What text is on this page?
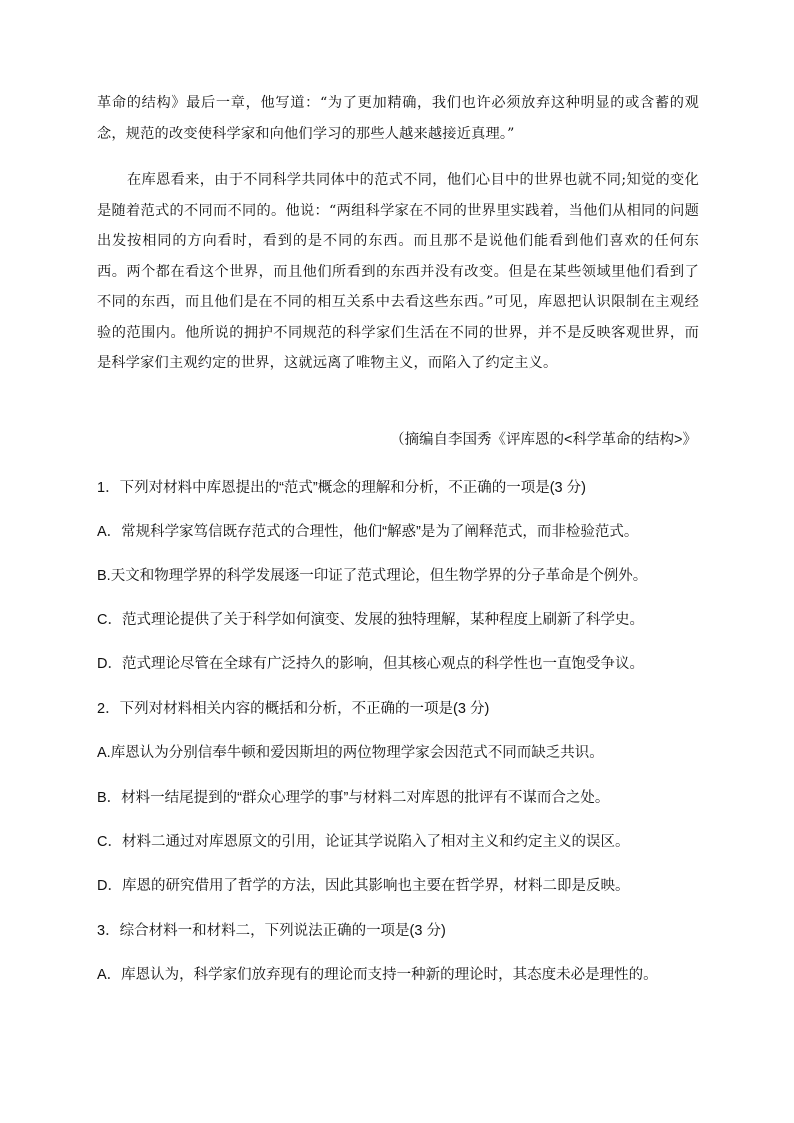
革命的结构》最后一章，他写道：“为了更加精确，我们也许必须放弃这种明显的或含蓄的观念，规范的改变使科学家和向他们学习的那些人越来越接近真理。”

在库恩看来，由于不同科学共同体中的范式不同，他们心目中的世界也就不同;知觉的变化是随着范式的不同而不同的。他说：“两组科学家在不同的世界里实践着，当他们从相同的问题出发按相同的方向看时，看到的是不同的东西。而且那不是说他们能看到他们喜欢的任何东西。两个都在看这个世界，而且他们所看到的东西并没有改变。但是在某些领域里他们看到了不同的东西，而且他们是在不同的相互关系中去看这些东西。”可见，库恩把认识限制在主观经验的范围内。他所说的拥护不同规范的科学家们生活在不同的世界，并不是反映客观世界，而是科学家们主观约定的世界，这就远离了唯物主义，而陷入了约定主义。

（摘编自李国秀《评库恩的<科学革命的结构>》
1．下列对材料中库恩提出的“范式”概念的理解和分析，不正确的一项是(3 分)
A．常规科学家笃信既存范式的合理性，他们“解惑”是为了阐释范式，而非检验范式。
B.天文和物理学界的科学发展逐一印证了范式理论，但生物学界的分子革命是个例外。
C．范式理论提供了关于科学如何演变、发展的独特理解，某种程度上刷新了科学史。
D．范式理论尽管在全球有广泛持久的影响，但其核心观点的科学性也一直饱受争议。
2．下列对材料相关内容的概括和分析，不正确的一项是(3 分)
A.库恩认为分别信奉牛顿和爱因斯坦的两位物理学家会因范式不同而缺乏共识。
B．材料一结尾提到的“群众心理学的事”与材料二对库恩的批评有不谋而合之处。
C．材料二通过对库恩原文的引用，论证其学说陷入了相对主义和约定主义的误区。
D．库恩的研究借用了哲学的方法，因此其影响也主要在哲学界，材料二即是反映。
3．综合材料一和材料二，下列说法正确的一项是(3 分)
A．库恩认为，科学家们放弃现有的理论而支持一种新的理论时，其态度未必是理性的。
